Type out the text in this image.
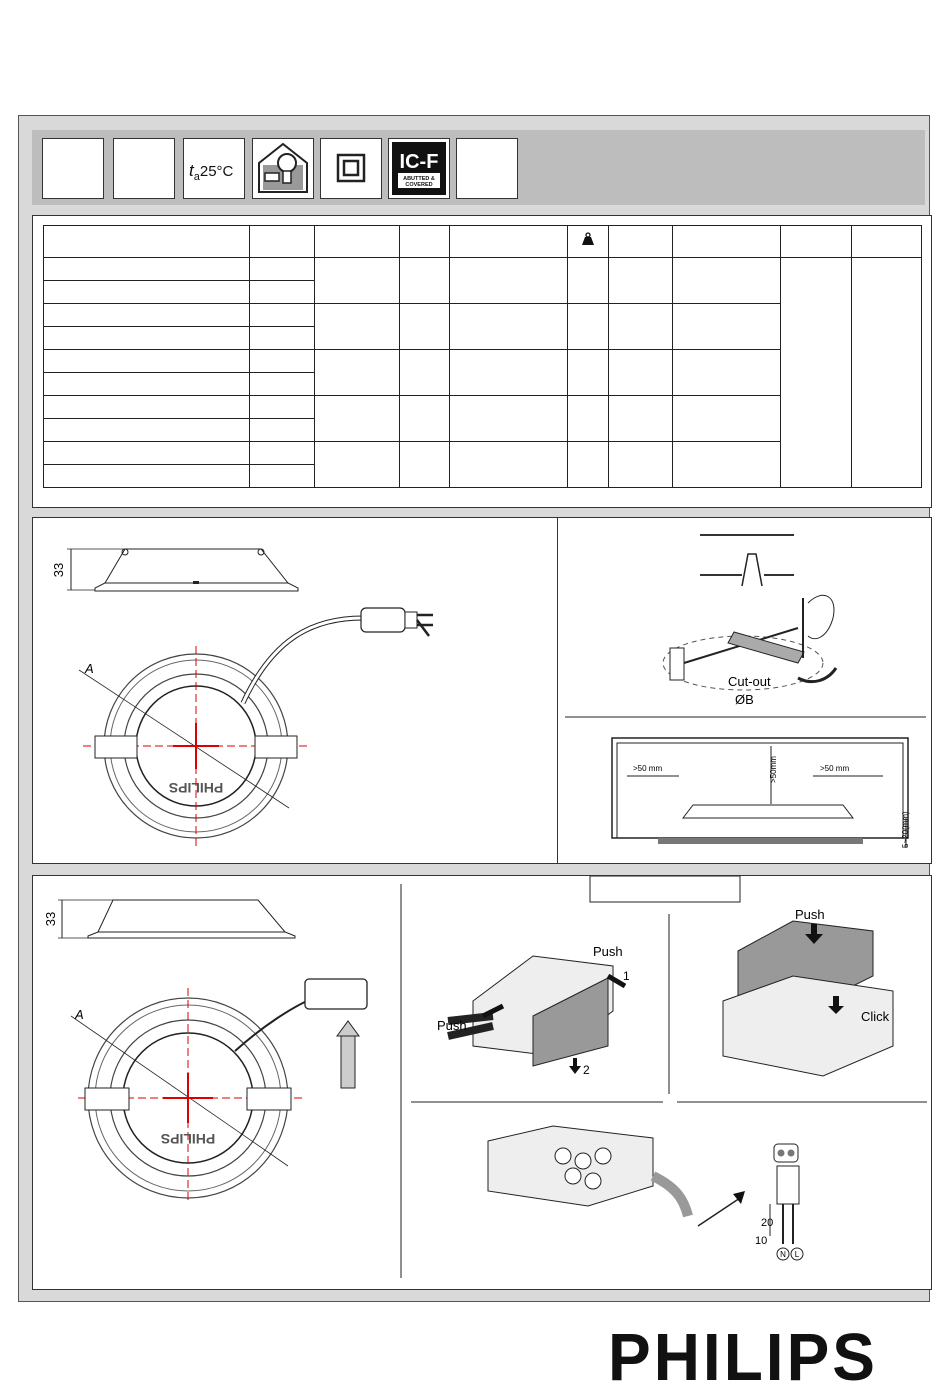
$t_a25^\circ C$	IC-F
ABUTTED &
COVERED

33
A
PHILIPS
Cut-out
ØB
>50 mm	>50mm	>50 mm
5~20(mm)
33
A
PHILIPS
Push
1
Push
2
Push
Click
20
10
N L
PHILIPS
